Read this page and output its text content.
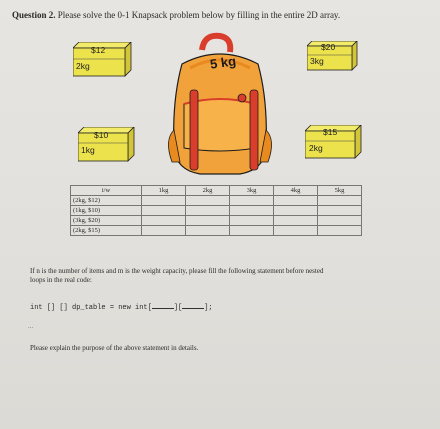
Question 2. Please solve the 0-1 Knapsack problem below by filling in the entire 2D array.
$12
2kg
$20
3kg
$10
1kg
$15
2kg
5 kg
i/w	1kg	2kg	3kg	4kg	5kg
(2kg, $12)					
(1kg, $10)					
(3kg, $20)					
(2kg, $15)					
If n is the number of items and m is the weight capacity, please fill the following statement before nested
loops in the real code:
int [] [] dp_table = new int[	][	];
...
Please explain the purpose of the above statement in details.
